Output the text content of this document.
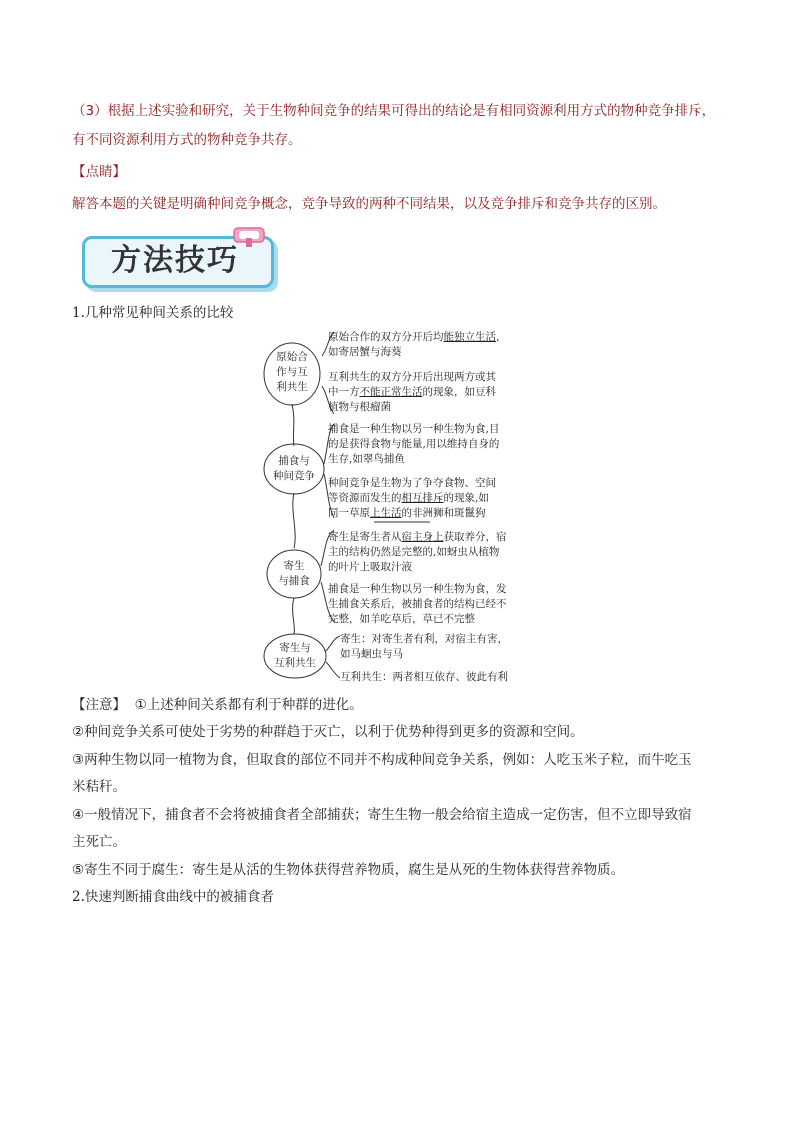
（3）根据上述实验和研究，关于生物种间竞争的结果可得出的结论是有相同资源利用方式的物种竞争排斥，
有不同资源利用方式的物种竞争共存。
【点睛】
解答本题的关键是明确种间竞争概念，竞争导致的两种不同结果，以及竞争排斥和竞争共存的区别。
方法技巧
1.几种常见种间关系的比较
原始合
作与互
利共生
捕食与
种间竞争
寄生
与捕食
寄生与
互利共生
原始合作的双方分开后均能独立生活，
如寄居蟹与海葵
互利共生的双方分开后出现两方或其
中一方不能正常生活的现象，如豆科
植物与根瘤菌
捕食是一种生物以另一种生物为食,目
的是获得食物与能量,用以维持自身的
生存,如翠鸟捕鱼
种间竞争是生物为了争夺食物、空间
等资源而发生的相互排斥的现象,如
同一草原上生活的非洲狮和斑鬣狗
寄生是寄生者从宿主身上获取养分，宿
主的结构仍然是完整的,如蚜虫从植物
的叶片上吸取汁液
捕食是一种生物以另一种生物为食，发
生捕食关系后，被捕食者的结构已经不
完整，如羊吃草后，草已不完整
寄生：对寄生者有利，对宿主有害，
如马蛔虫与马
互利共生：两者相互依存、彼此有利
【注意】 ①上述种间关系都有利于种群的进化。
②种间竞争关系可使处于劣势的种群趋于灭亡，以利于优势种得到更多的资源和空间。
③两种生物以同一植物为食，但取食的部位不同并不构成种间竞争关系，例如：人吃玉米子粒，而牛吃玉
米秸秆。
④一般情况下，捕食者不会将被捕食者全部捕获；寄生生物一般会给宿主造成一定伤害，但不立即导致宿
主死亡。
⑤寄生不同于腐生：寄生是从活的生物体获得营养物质，腐生是从死的生物体获得营养物质。
2.快速判断捕食曲线中的被捕食者
